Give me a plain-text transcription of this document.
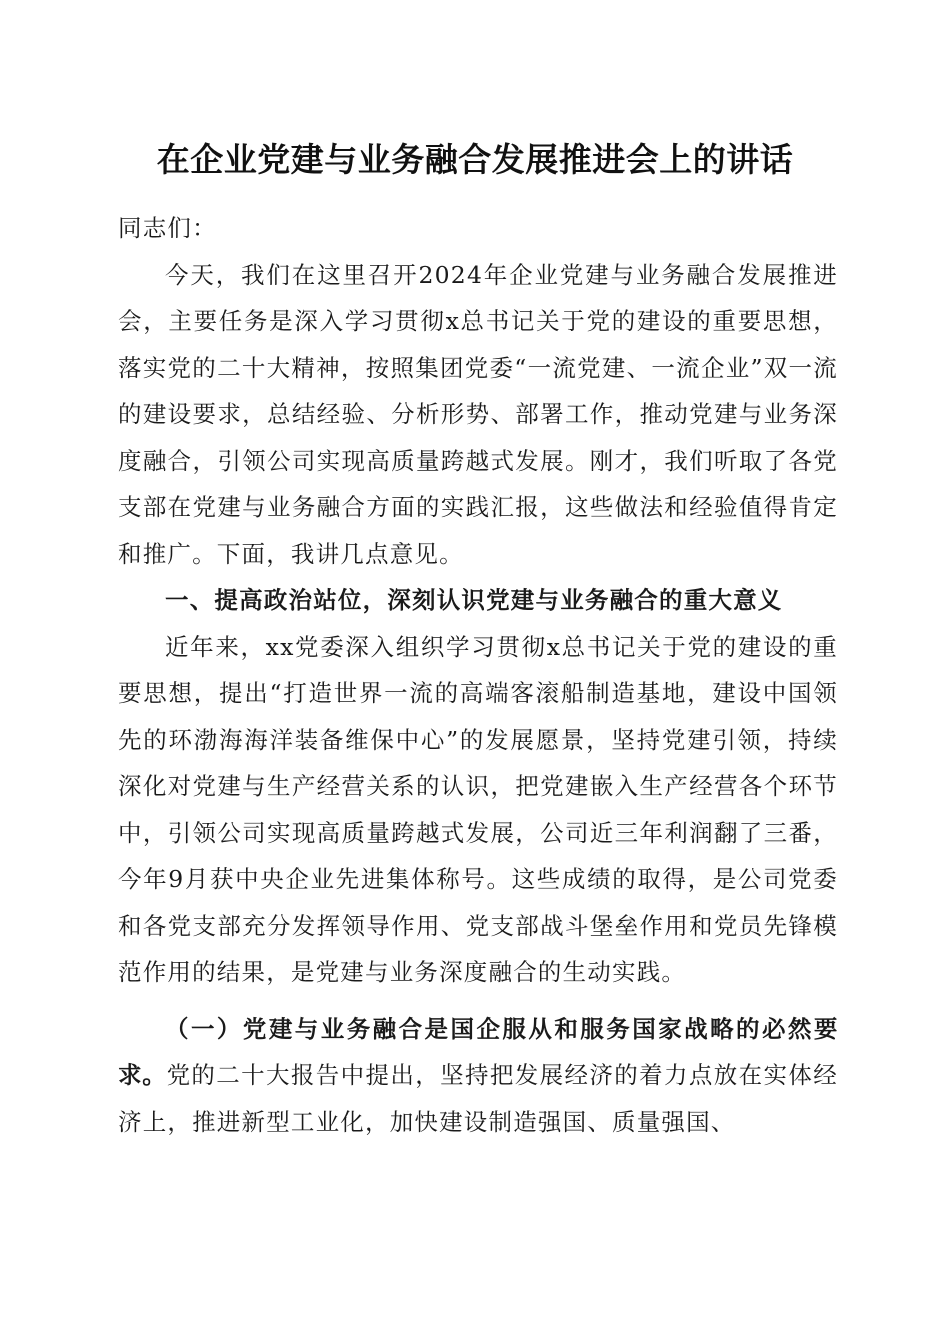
在企业党建与业务融合发展推进会上的讲话

同志们：

今天，我们在这里召开2024年企业党建与业务融合发展推进会，主要任务是深入学习贯彻x总书记关于党的建设的重要思想，落实党的二十大精神，按照集团党委“一流党建、一流企业”双一流的建设要求，总结经验、分析形势、部署工作，推动党建与业务深度融合，引领公司实现高质量跨越式发展。刚才，我们听取了各党支部在党建与业务融合方面的实践汇报，这些做法和经验值得肯定和推广。下面，我讲几点意见。

一、提高政治站位，深刻认识党建与业务融合的重大意义

近年来，xx党委深入组织学习贯彻x总书记关于党的建设的重要思想，提出“打造世界一流的高端客滚船制造基地，建设中国领先的环渤海海洋装备维保中心”的发展愿景，坚持党建引领，持续深化对党建与生产经营关系的认识，把党建嵌入生产经营各个环节中，引领公司实现高质量跨越式发展，公司近三年利润翻了三番，今年9月获中央企业先进集体称号。这些成绩的取得，是公司党委和各党支部充分发挥领导作用、党支部战斗堡垒作用和党员先锋模范作用的结果，是党建与业务深度融合的生动实践。

（一）党建与业务融合是国企服从和服务国家战略的必然要求。党的二十大报告中提出，坚持把发展经济的着力点放在实体经济上，推进新型工业化，加快建设制造强国、质量强国、
